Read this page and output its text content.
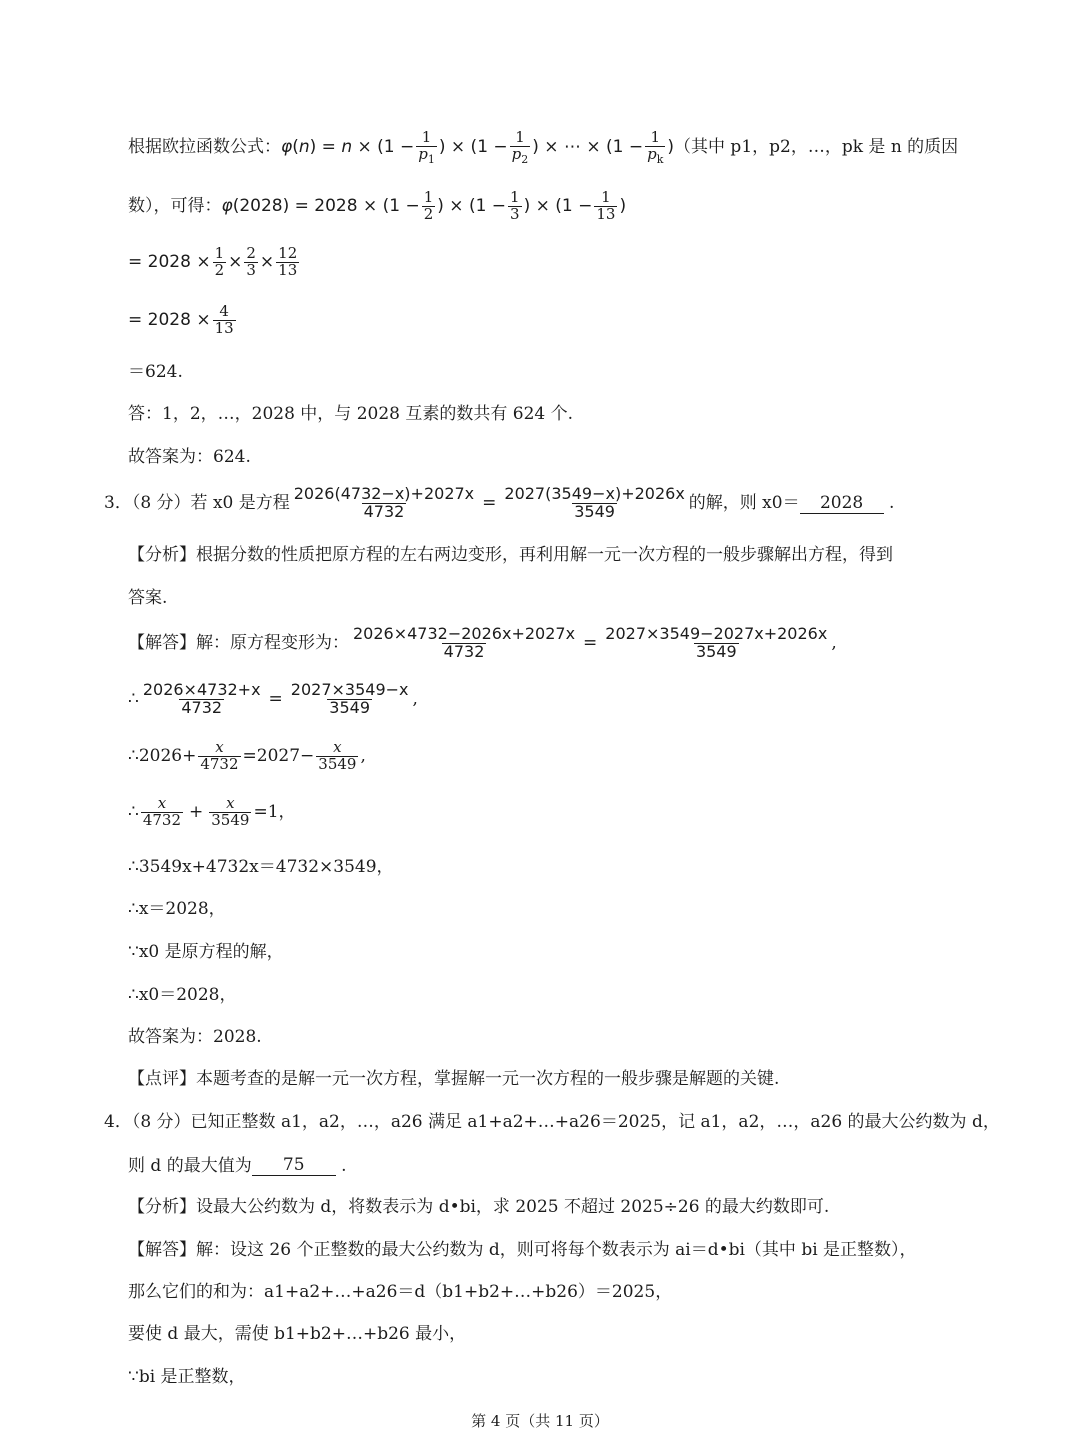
根据欧拉函数公式： $\varphi(n) = n \times (1 - \frac{1}{p_1}$ ) × ($1 - \frac{1}{p_2}$ ) × ⋯ × ($1 - \frac{1}{p_k}$ ) （其中 p1，p2，…，pk 是 n 的质因
数），可得： $\varphi(2028) = 2028 \times (1 - \frac{1}{2}$ ) × ($1 - \frac{1}{3}$ ) × ($1 - \frac{1}{13}$ )
= $2028 \times \frac{1}{2} \times \frac{2}{3} \times \frac{12}{13}$
= $2028 \times \frac{4}{13}$
＝624.
答：1，2，…，2028 中，与 2028 互素的数共有 624 个.
故答案为：624.
3．（8 分）若 x0 是方程 $\frac{2026(4732-x)+2027x}{4732} = \frac{2027(3549-x)+2026x}{3549}$ 的解，则 x0＝	2028	.
【分析】根据分数的性质把原方程的左右两边变形，再利用解一元一次方程的一般步骤解出方程，得到
答案.
【解答】解：原方程变形为： $\frac{2026\times 4732-2026x+2027x}{4732} = \frac{2027\times 3549-2027x+2026x}{3549}$ ,
∴ $\frac{2026\times 4732+x}{4732} = \frac{2027\times 3549-x}{3549}$ ,
∴2026+ $\frac{x}{4732} =2027- \frac{x}{3549}$ ,
∴ x
$4732 + \frac{x}{3549} =1$，
∴3549x+4732x＝4732×3549，
∴x＝2028，
∵x0 是原方程的解，
∴x0＝2028，
故答案为：2028.
【点评】本题考查的是解一元一次方程，掌握解一元一次方程的一般步骤是解题的关键.
4．（8 分）已知正整数 a1，a2，…，a26 满足 a1+a2+…+a26＝2025，记 a1，a2，…，a26 的最大公约数为 d，
则 d 的最大值为	75	.
【分析】设最大公约数为 d，将数表示为 d•bi，求 2025 不超过 2025÷26 的最大约数即可.
【解答】解：设这 26 个正整数的最大公约数为 d，则可将每个数表示为 ai＝d•bi（其中 bi 是正整数），
那么它们的和为：a1+a2+…+a26＝d（b1+b2+…+b26）＝2025，
要使 d 最大，需使 b1+b2+…+b26 最小，
∵bi 是正整数，
第 4 页（共 11 页）
